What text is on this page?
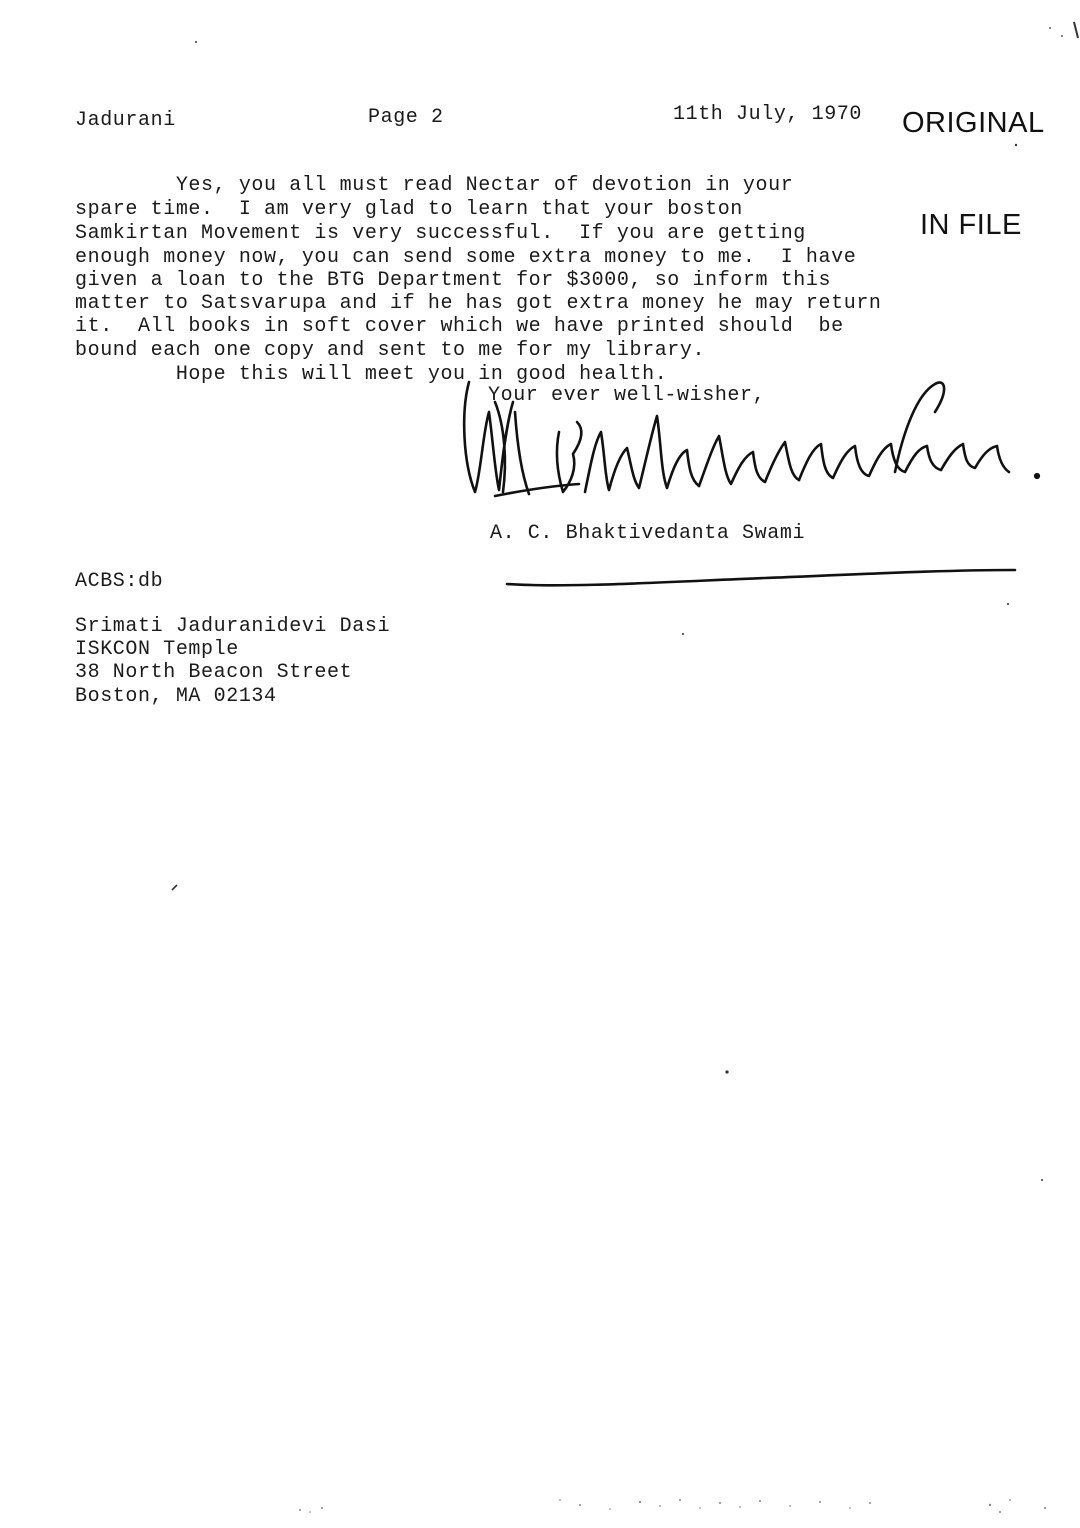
ORIGINAL

IN FILE

Jadurani	Page 2	11th July, 1970
Yes, you all must read Nectar of devotion in your
spare time.  I am very glad to learn that your boston
Samkirtan Movement is very successful.  If you are getting
enough money now, you can send some extra money to me.  I have
given a loan to the BTG Department for $3000, so inform this
matter to Satsvarupa and if he has got extra money he may return
it.  All books in soft cover which we have printed should  be
bound each one copy and sent to me for my library.
Hope this will meet you in good health.
Your ever well-wisher,
A. C. Bhaktivedanta Swami
ACBS:db
Srimati Jaduranidevi Dasi
ISKCON Temple
38 North Beacon Street
Boston, MA 02134
